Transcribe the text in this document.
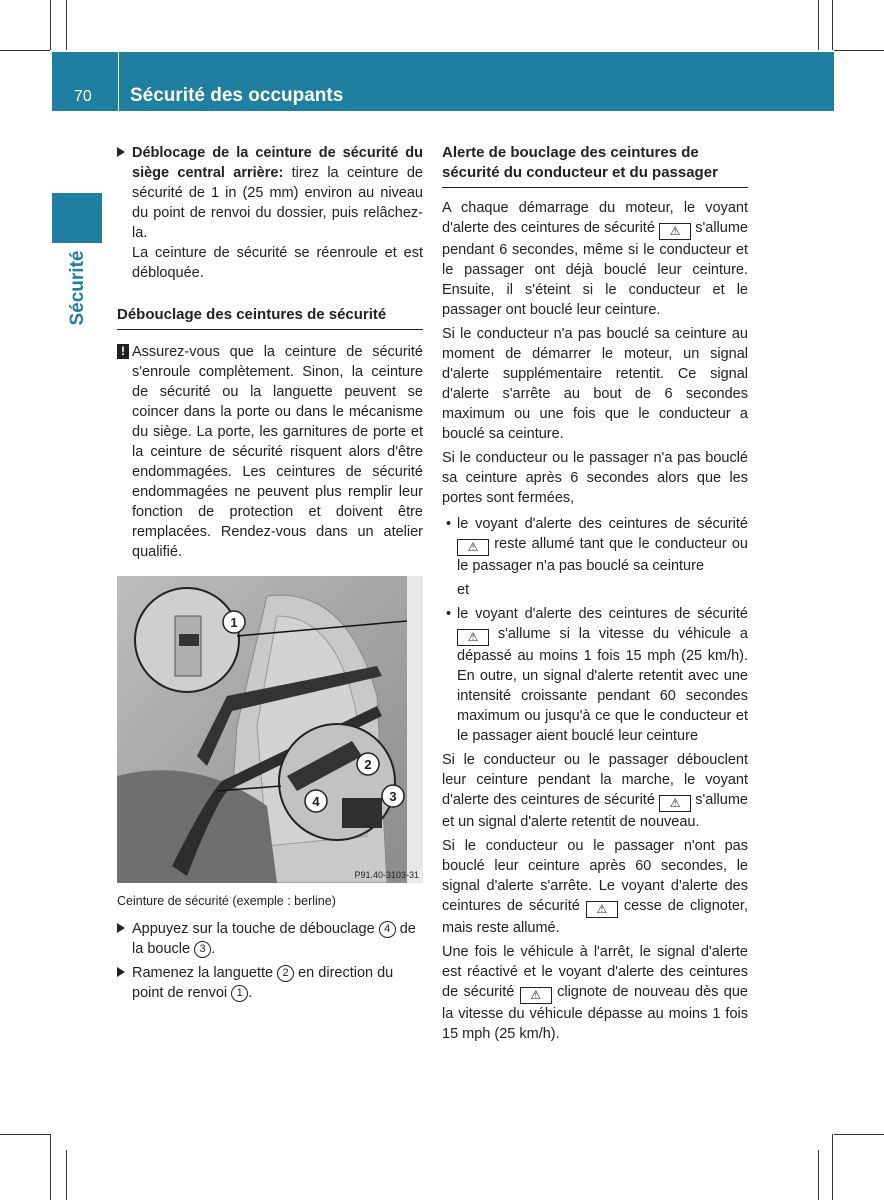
70 Sécurité des occupants
Sécurité
Déblocage de la ceinture de sécurité du siège central arrière: tirez la ceinture de sécurité de 1 in (25 mm) environ au niveau du point de renvoi du dossier, puis relâchez-la.
La ceinture de sécurité se réenroule et est débloquée.
Débouclage des ceintures de sécurité
! Assurez-vous que la ceinture de sécurité s'enroule complètement. Sinon, la ceinture de sécurité ou la languette peuvent se coincer dans la porte ou dans le mécanisme du siège. La porte, les garnitures de porte et la ceinture de sécurité risquent alors d'être endommagées. Les ceintures de sécurité endommagées ne peuvent plus remplir leur fonction de protection et doivent être remplacées. Rendez-vous dans un atelier qualifié.
1
2
3
4
P91.40-3103-31
Ceinture de sécurité (exemple : berline)
Appuyez sur la touche de débouclage 4 de la boucle 3 .
Ramenez la languette 2 en direction du point de renvoi 1 .
Alerte de bouclage des ceintures de sécurité du conducteur et du passager

A chaque démarrage du moteur, le voyant d'alerte des ceintures de sécurité ⚠ s'allume pendant 6 secondes, même si le conducteur et le passager ont déjà bouclé leur ceinture. Ensuite, il s'éteint si le conducteur et le passager ont bouclé leur ceinture.

Si le conducteur n'a pas bouclé sa ceinture au moment de démarrer le moteur, un signal d'alerte supplémentaire retentit. Ce signal d'alerte s'arrête au bout de 6 secondes maximum ou une fois que le conducteur a bouclé sa ceinture.

Si le conducteur ou le passager n'a pas bouclé sa ceinture après 6 secondes alors que les portes sont fermées,

• le voyant d'alerte des ceintures de sécurité ⚠ reste allumé tant que le conducteur ou le passager n'a pas bouclé sa ceinture
et
• le voyant d'alerte des ceintures de sécurité ⚠ s'allume si la vitesse du véhicule a dépassé au moins 1 fois 15 mph (25 km/h). En outre, un signal d'alerte retentit avec une intensité croissante pendant 60 secondes maximum ou jusqu'à ce que le conducteur et le passager aient bouclé leur ceinture

Si le conducteur ou le passager débouclent leur ceinture pendant la marche, le voyant d'alerte des ceintures de sécurité ⚠ s'allume et un signal d'alerte retentit de nouveau.

Si le conducteur ou le passager n'ont pas bouclé leur ceinture après 60 secondes, le signal d'alerte s'arrête. Le voyant d'alerte des ceintures de sécurité ⚠ cesse de clignoter, mais reste allumé.

Une fois le véhicule à l'arrêt, le signal d'alerte est réactivé et le voyant d'alerte des ceintures de sécurité ⚠ clignote de nouveau dès que la vitesse du véhicule dépasse au moins 1 fois 15 mph (25 km/h).
